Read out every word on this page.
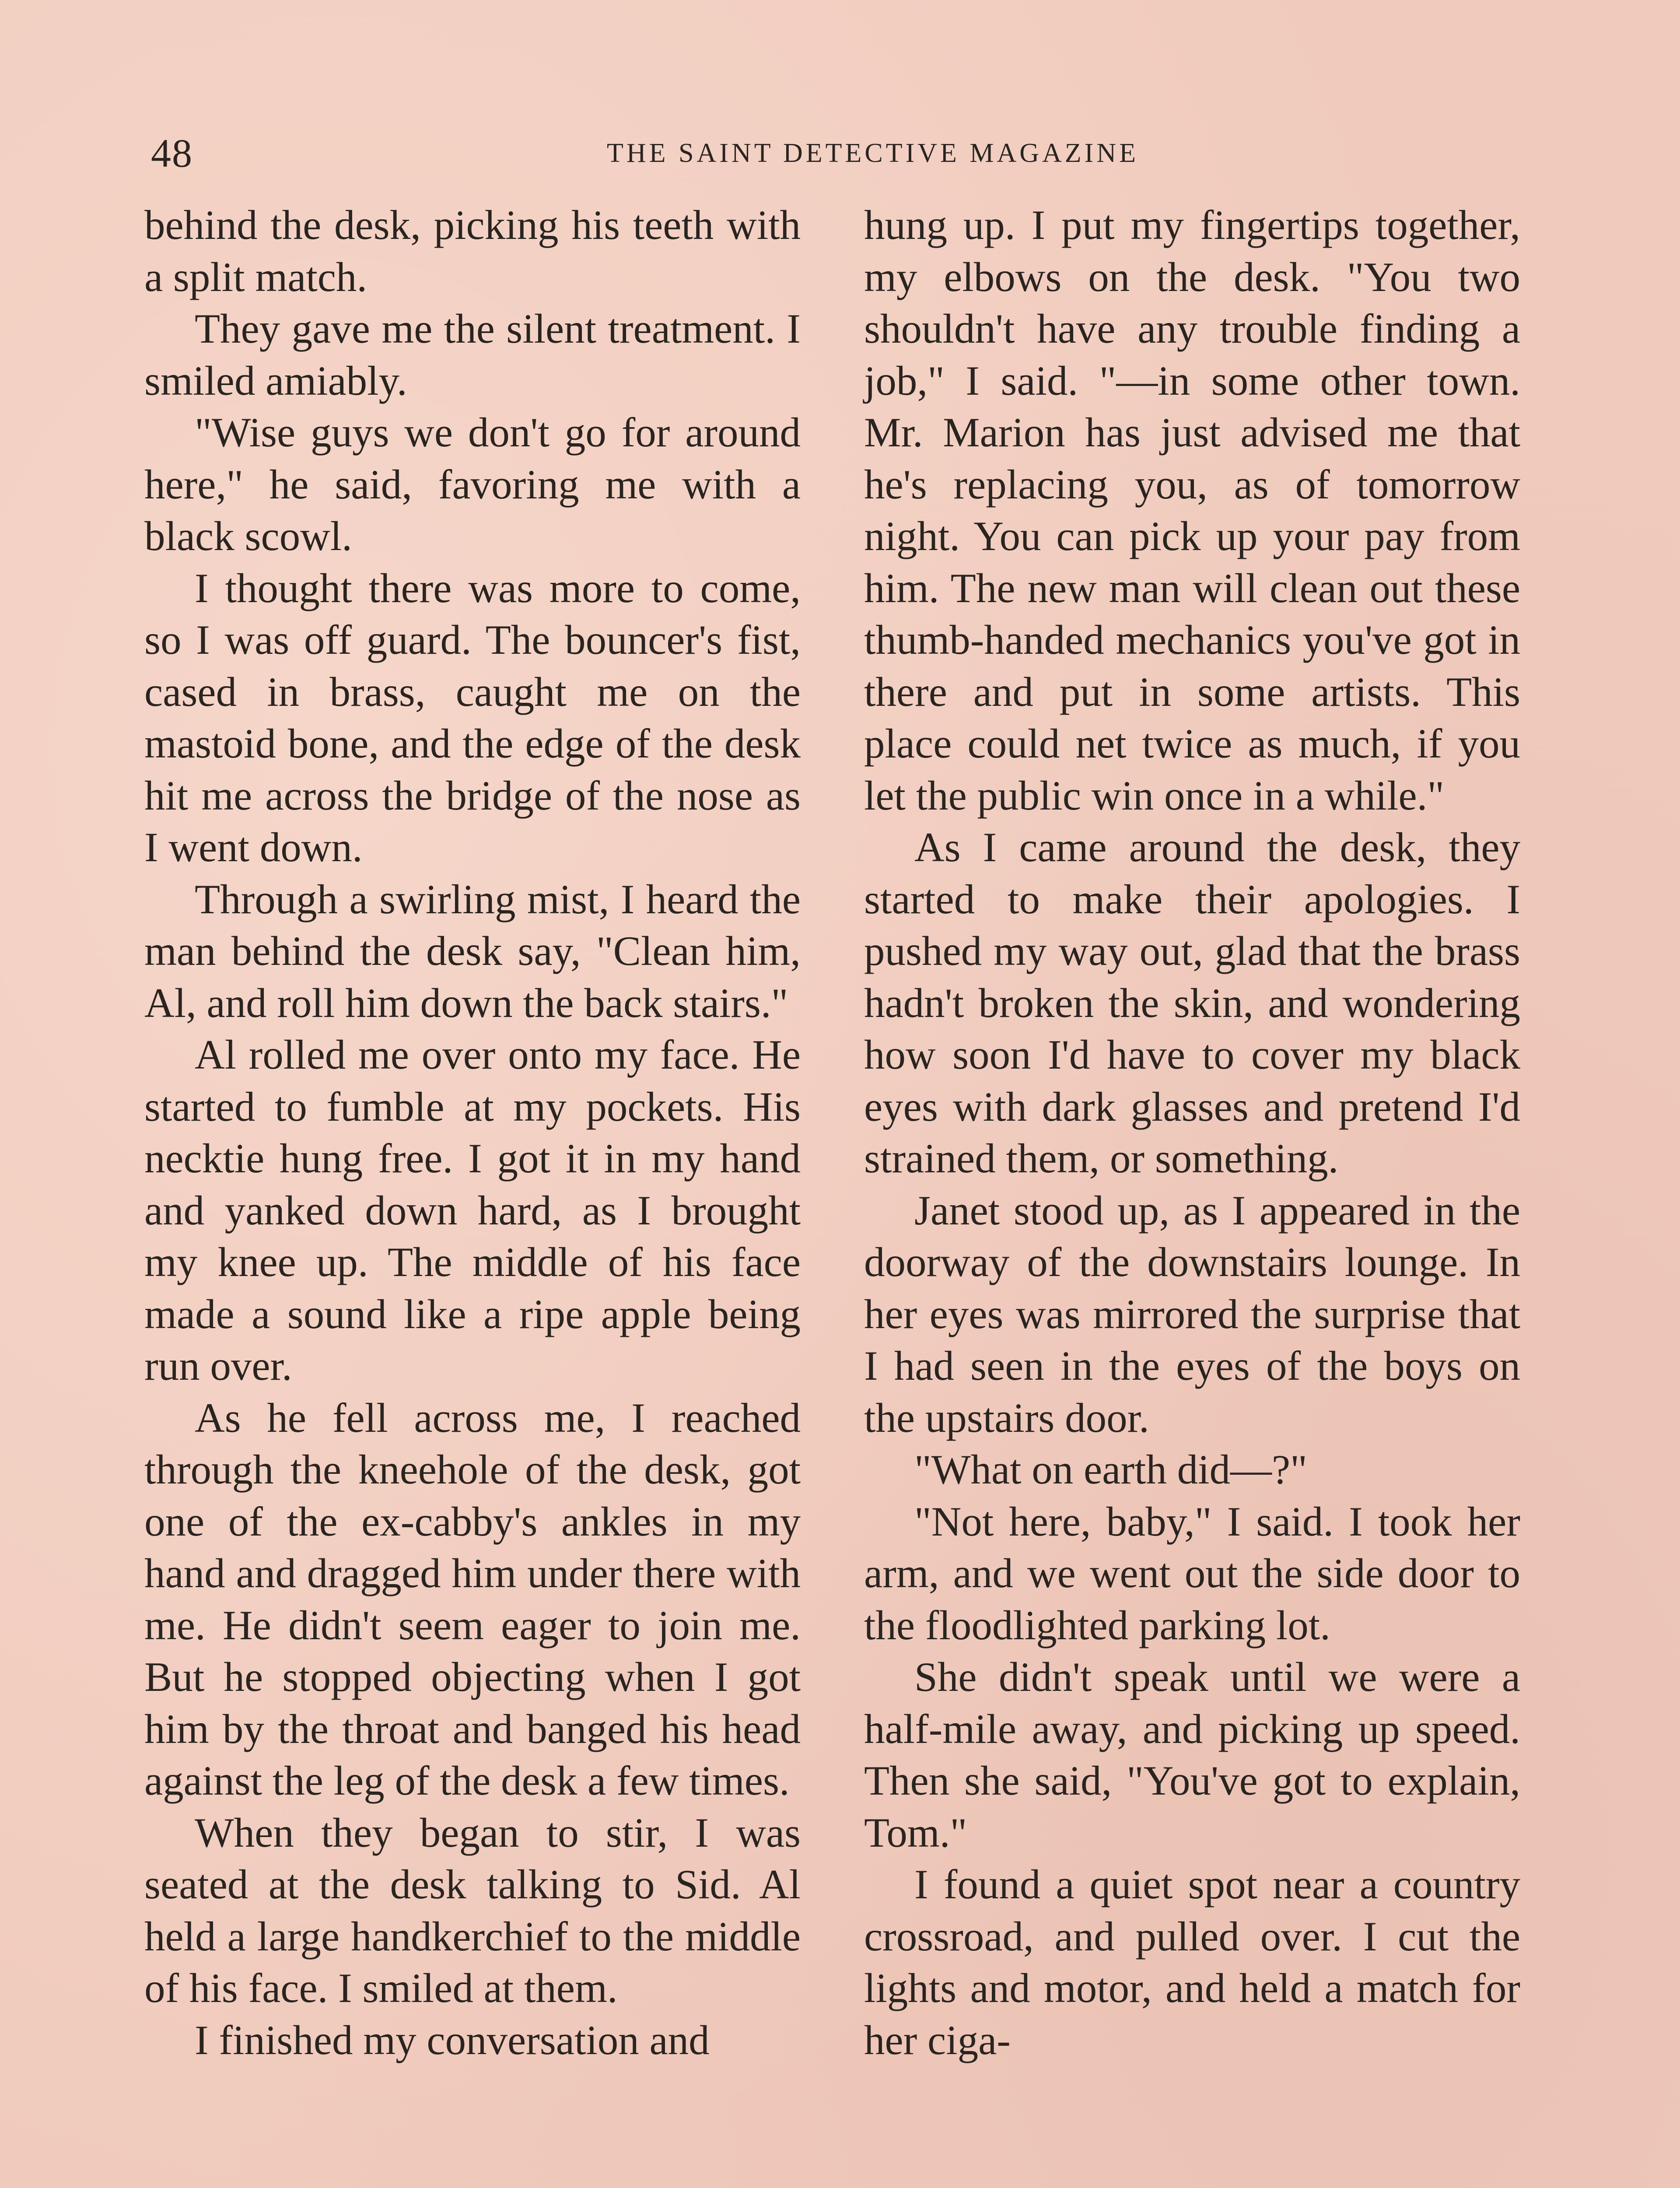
48	THE SAINT DETECTIVE MAGAZINE

behind the desk, picking his teeth with a split match.

They gave me the silent treatment. I smiled amiably.

"Wise guys we don't go for around here," he said, favoring me with a black scowl.

I thought there was more to come, so I was off guard. The bouncer's fist, cased in brass, caught me on the mastoid bone, and the edge of the desk hit me across the bridge of the nose as I went down.

Through a swirling mist, I heard the man behind the desk say, "Clean him, Al, and roll him down the back stairs."

Al rolled me over onto my face. He started to fumble at my pockets. His necktie hung free. I got it in my hand and yanked down hard, as I brought my knee up. The middle of his face made a sound like a ripe apple being run over.

As he fell across me, I reached through the kneehole of the desk, got one of the ex-cabby's ankles in my hand and dragged him under there with me. He didn't seem eager to join me. But he stopped objecting when I got him by the throat and banged his head against the leg of the desk a few times.

When they began to stir, I was seated at the desk talking to Sid. Al held a large handkerchief to the middle of his face. I smiled at them.

I finished my conversation and

hung up. I put my fingertips together, my elbows on the desk. "You two shouldn't have any trouble finding a job," I said. "—in some other town. Mr. Marion has just advised me that he's replacing you, as of tomorrow night. You can pick up your pay from him. The new man will clean out these thumb-handed mechanics you've got in there and put in some artists. This place could net twice as much, if you let the public win once in a while."

As I came around the desk, they started to make their apologies. I pushed my way out, glad that the brass hadn't broken the skin, and wondering how soon I'd have to cover my black eyes with dark glasses and pretend I'd strained them, or something.

Janet stood up, as I appeared in the doorway of the downstairs lounge. In her eyes was mirrored the surprise that I had seen in the eyes of the boys on the upstairs door.

"What on earth did—?"

"Not here, baby," I said. I took her arm, and we went out the side door to the floodlighted parking lot.

She didn't speak until we were a half-mile away, and picking up speed. Then she said, "You've got to explain, Tom."

I found a quiet spot near a country crossroad, and pulled over. I cut the lights and motor, and held a match for her ciga-
